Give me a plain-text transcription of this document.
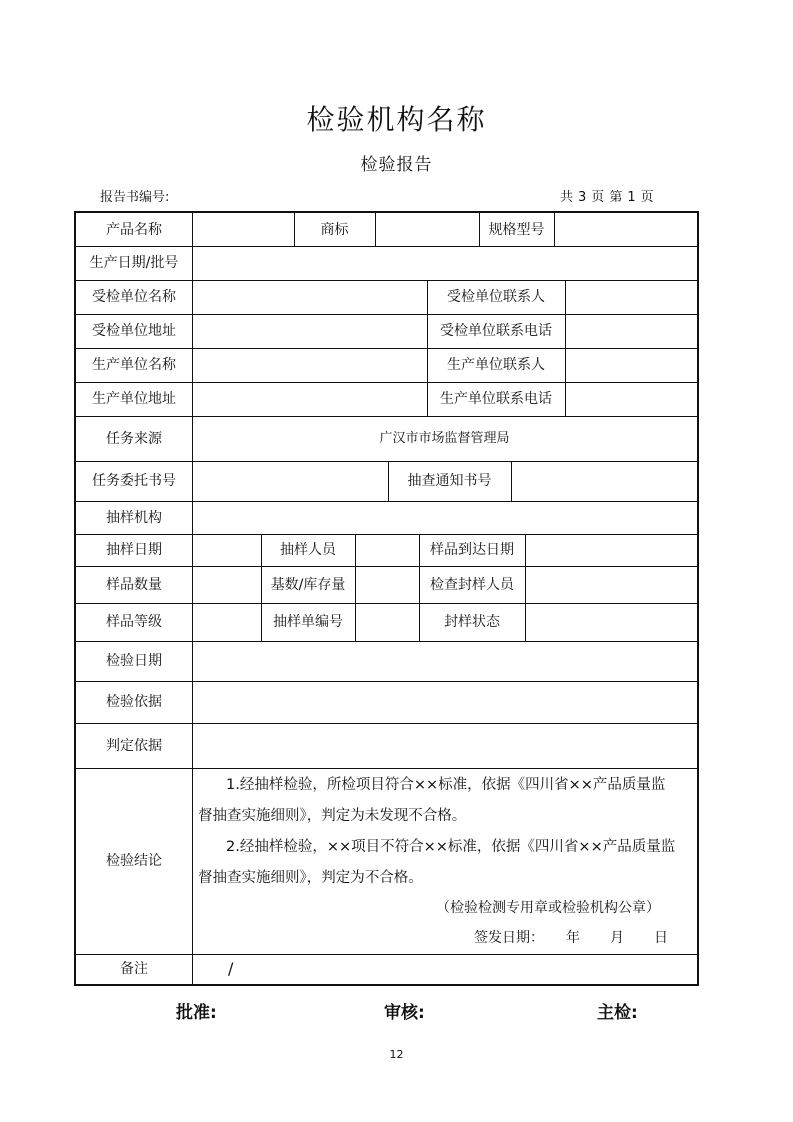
检验机构名称
检验报告
报告书编号:	共 3 页 第 1 页
产品名称	商标	规格型号
生产日期/批号
受检单位名称	受检单位联系人
受检单位地址	受检单位联系电话
生产单位名称	生产单位联系人
生产单位地址	生产单位联系电话
任务来源	广汉市市场监督管理局
任务委托书号	抽查通知书号
抽样机构
抽样日期	抽样人员	样品到达日期
样品数量	基数/库存量	检查封样人员
样品等级	抽样单编号	封样状态
检验日期
检验依据
判定依据
检验结论
1.经抽样检验，所检项目符合××标准，依据《四川省××产品质量监
督抽查实施细则》，判定为未发现不合格。
2.经抽样检验，××项目不符合××标准，依据《四川省××产品质量监
督抽查实施细则》，判定为不合格。
（检验检测专用章或检验机构公章）
签发日期： 年 月 日
备注	/
批准:	审核:	主检:
12
